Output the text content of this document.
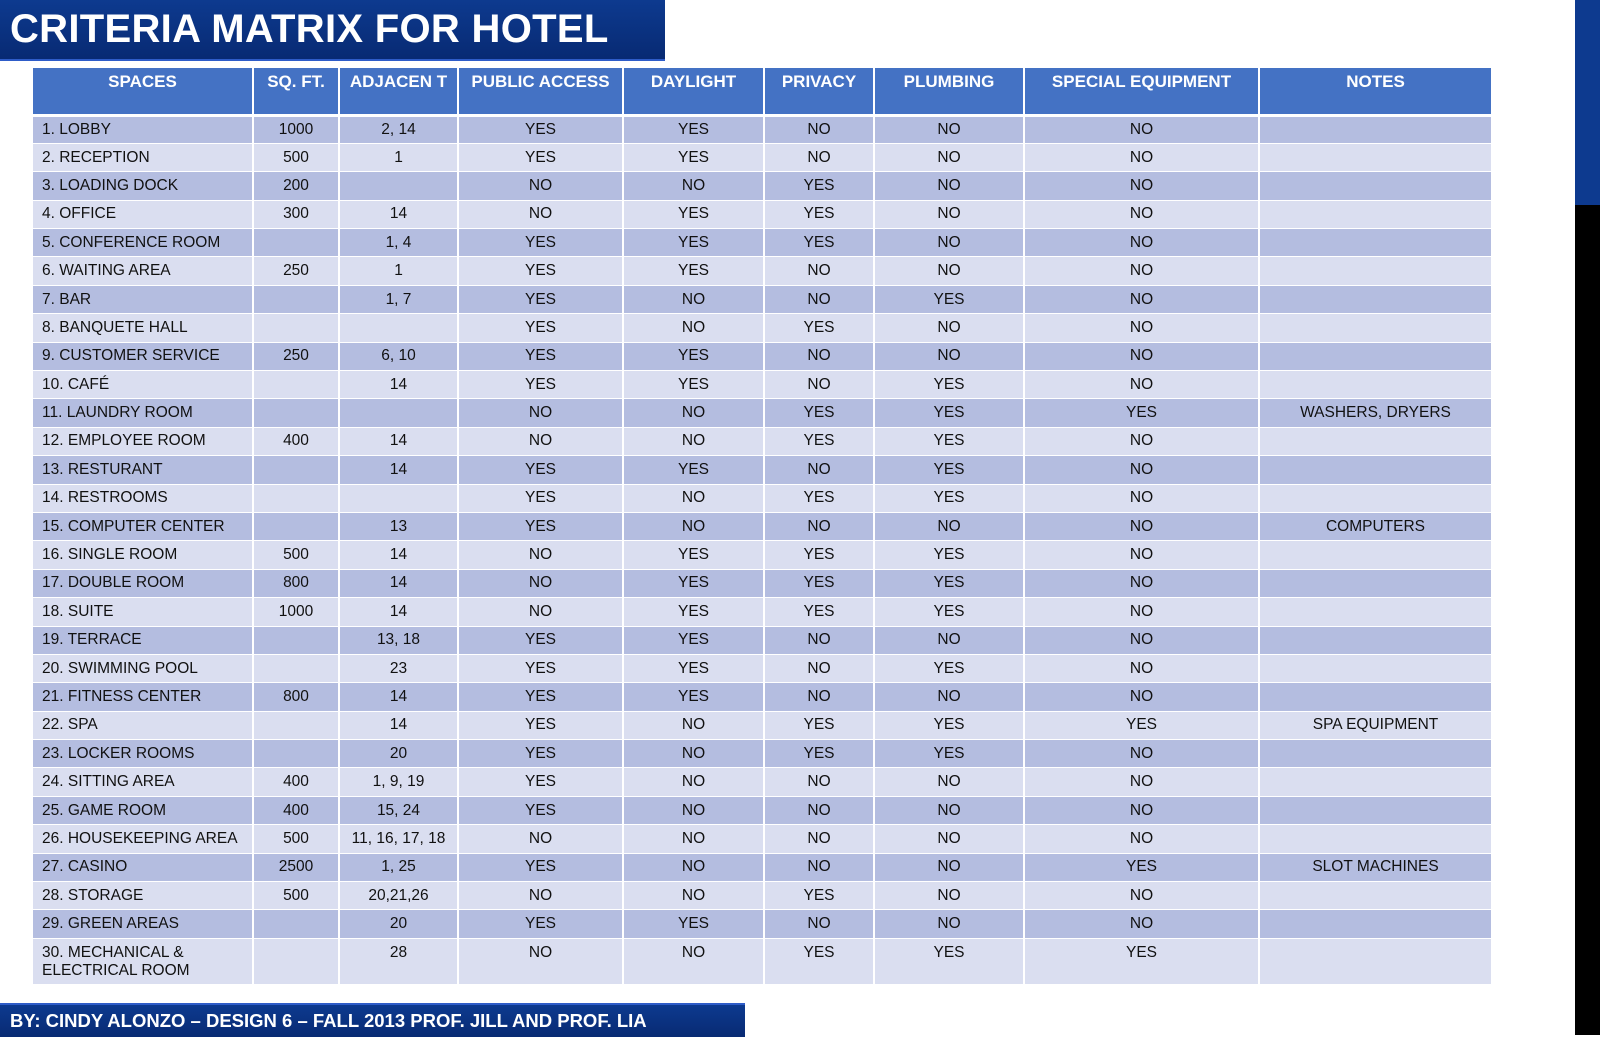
CRITERIA MATRIX FOR HOTEL
SPACES	SQ. FT.	ADJACEN T	PUBLIC ACCESS	DAYLIGHT	PRIVACY	PLUMBING	SPECIAL EQUIPMENT	NOTES
1. LOBBY	1000	2, 14	YES	YES	NO	NO	NO	
2. RECEPTION	500	1	YES	YES	NO	NO	NO	
3. LOADING DOCK	200		NO	NO	YES	NO	NO	
4. OFFICE	300	14	NO	YES	YES	NO	NO	
5. CONFERENCE ROOM		1, 4	YES	YES	YES	NO	NO	
6. WAITING AREA	250	1	YES	YES	NO	NO	NO	
7. BAR		1, 7	YES	NO	NO	YES	NO	
8. BANQUETE HALL			YES	NO	YES	NO	NO	
9. CUSTOMER SERVICE	250	6, 10	YES	YES	NO	NO	NO	
10. CAFÉ		14	YES	YES	NO	YES	NO	
11. LAUNDRY ROOM			NO	NO	YES	YES	YES	WASHERS, DRYERS
12. EMPLOYEE ROOM	400	14	NO	NO	YES	YES	NO	
13. RESTURANT		14	YES	YES	NO	YES	NO	
14. RESTROOMS			YES	NO	YES	YES	NO	
15. COMPUTER CENTER		13	YES	NO	NO	NO	NO	COMPUTERS
16. SINGLE ROOM	500	14	NO	YES	YES	YES	NO	
17. DOUBLE ROOM	800	14	NO	YES	YES	YES	NO	
18. SUITE	1000	14	NO	YES	YES	YES	NO	
19. TERRACE		13, 18	YES	YES	NO	NO	NO	
20. SWIMMING POOL		23	YES	YES	NO	YES	NO	
21. FITNESS CENTER	800	14	YES	YES	NO	NO	NO	
22. SPA		14	YES	NO	YES	YES	YES	SPA EQUIPMENT
23. LOCKER ROOMS		20	YES	NO	YES	YES	NO	
24. SITTING AREA	400	1, 9, 19	YES	NO	NO	NO	NO	
25. GAME ROOM	400	15, 24	YES	NO	NO	NO	NO	
26. HOUSEKEEPING AREA	500	11, 16, 17, 18	NO	NO	NO	NO	NO	
27. CASINO	2500	1, 25	YES	NO	NO	NO	YES	SLOT MACHINES
28. STORAGE	500	20,21,26	NO	NO	YES	NO	NO	
29. GREEN AREAS		20	YES	YES	NO	NO	NO	
30. MECHANICAL & ELECTRICAL ROOM		28	NO	NO	YES	YES	YES	
BY: CINDY ALONZO – DESIGN 6 – FALL 2013 PROF. JILL AND PROF. LIA
